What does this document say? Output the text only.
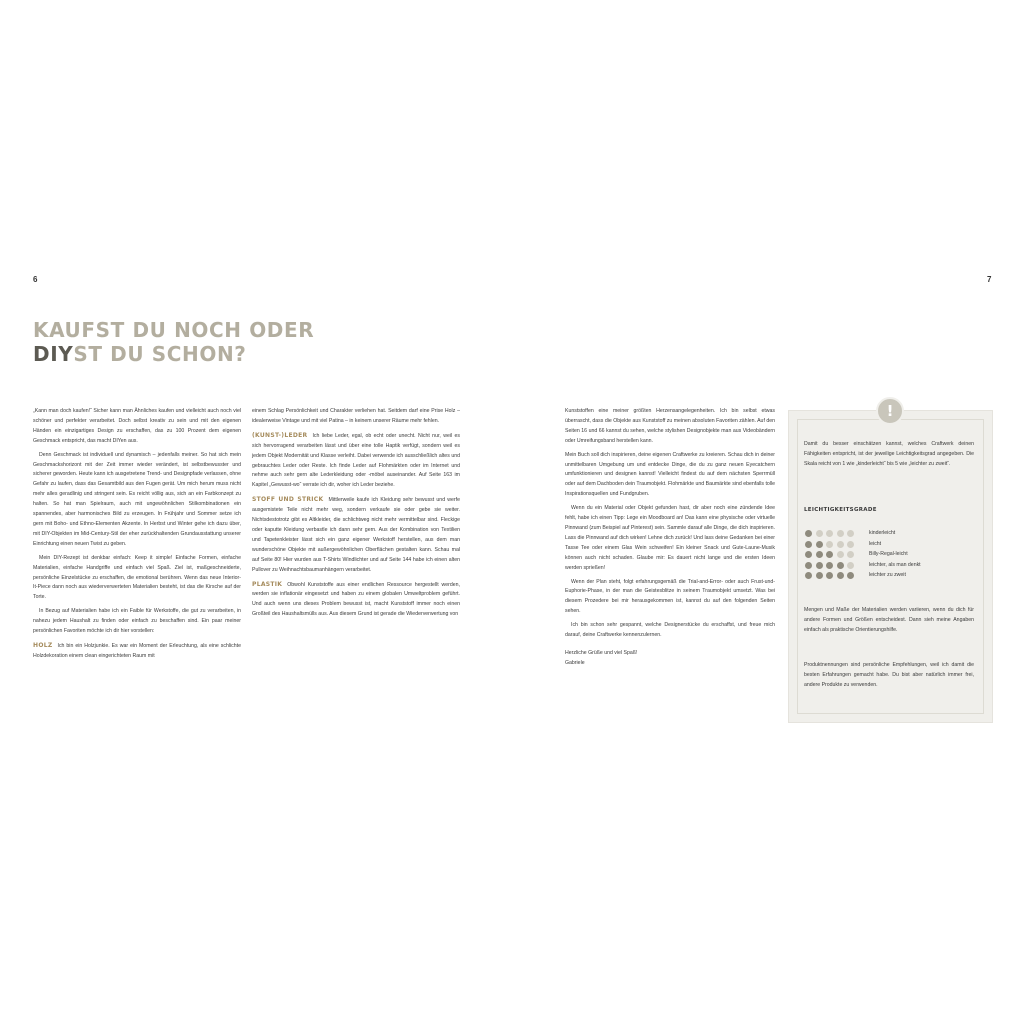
6	7
KAUFST DU NOCH ODER
DIYST DU SCHON?

„Kann man doch kaufen!“ Sicher kann man Ähnliches kaufen und vielleicht auch noch viel schöner und perfekter verarbeitet. Doch selbst kreativ zu sein und mit den eigenen Händen ein einzigartiges Design zu erschaffen, das zu 100 Prozent dem eigenen Geschmack entspricht, das macht DIYen aus.

Denn Geschmack ist individuell und dynamisch – jedenfalls meiner. So hat sich mein Geschmackshorizont mit der Zeit immer wieder verändert, ist selbstbewusster und sicherer geworden. Heute kann ich ausgetretene Trend- und Designpfade verlassen, ohne Gefahr zu laufen, dass das Gesamtbild aus den Fugen gerät. Um mich herum muss nicht mehr alles geradlinig und stringent sein. Es reicht völlig aus, sich an ein Farbkonzept zu halten. So hat man Spielraum, auch mit ungewöhnlichen Stilkombinationen ein spannendes, aber harmonisches Bild zu erzeugen. In Frühjahr und Sommer setze ich gern mit Boho- und Ethno-Elementen Akzente. In Herbst und Winter gehe ich dazu über, mit DIY-Objekten im Mid-Century-Stil der eher zurückhaltenden Grundausstattung unserer Einrichtung einen neuen Twist zu geben.

Mein DIY-Rezept ist denkbar einfach: Keep it simple! Einfache Formen, einfache Materialien, einfache Handgriffe und einfach viel Spaß. Ziel ist, maßgeschneiderte, persönliche Einzelstücke zu erschaffen, die emotional berühren. Wenn das neue Interior-It-Piece dann noch aus wiederverwerteten Materialien besteht, ist das die Kirsche auf der Torte.

In Bezug auf Materialien habe ich ein Faible für Werkstoffe, die gut zu verarbeiten, in nahezu jedem Haushalt zu finden oder einfach zu beschaffen sind. Ein paar meiner persönlichen Favoriten möchte ich dir hier vorstellen:

HOLZ Ich bin ein Holzjunkie. Es war ein Moment der Erleuchtung, als eine schlichte Holzdekoration einem clean eingerichteten Raum mit

einem Schlag Persönlichkeit und Charakter verliehen hat. Seitdem darf eine Prise Holz – idealerweise Vintage und mit viel Patina – in keinem unserer Räume mehr fehlen.

(KUNST-)LEDER Ich liebe Leder, egal, ob echt oder unecht. Nicht nur, weil es sich hervorragend verarbeiten lässt und über eine tolle Haptik verfügt, sondern weil es jedem Objekt Modernität und Klasse verleiht. Dabei verwende ich ausschließlich altes und gebrauchtes Leder oder Reste. Ich finde Leder auf Flohmärkten oder im Internet und nehme auch sehr gern alte Lederkleidung oder -möbel auseinander. Auf Seite 163 im Kapitel „Gewusst-wo“ verrate ich dir, woher ich Leder beziehe.

STOFF UND STRICK Mittlerweile kaufe ich Kleidung sehr bewusst und werfe ausgemistete Teile nicht mehr weg, sondern verkaufe sie oder gebe sie weiter. Nichtsdestotrotz gibt es Altkleider, die schlichtweg nicht mehr vermittelbar sind. Fleckige oder kaputte Kleidung verbastle ich dann sehr gern. Aus der Kombination von Textilien und Tapetenkleister lässt sich ein ganz eigener Werkstoff herstellen, aus dem man wunderschöne Objekte mit außergewöhnlichen Oberflächen gestalten kann. Schau mal auf Seite 80! Hier wurden aus T-Shirts Windlichter und auf Seite 144 habe ich einen alten Pullover zu Weihnachtsbaumanhängern verarbeitet.

PLASTIK Obwohl Kunststoffe aus einer endlichen Ressource hergestellt werden, werden sie inflationär eingesetzt und haben zu einem globalen Umweltproblem geführt. Und auch wenn uns dieses Problem bewusst ist, macht Kunststoff immer noch einen Großteil des Haushaltsmülls aus. Aus diesem Grund ist gerade die Wiederverwertung von

Kunststoffen eine meiner größten Herzensangelegenheiten. Ich bin selbst etwas überrascht, dass die Objekte aus Kunststoff zu meinen absoluten Favoriten zählen. Auf den Seiten 16 und 66 kannst du sehen, welche stylishen Designobjekte man aus Videobändern oder Umreifungsband herstellen kann.

Mein Buch soll dich inspirieren, deine eigenen Craftwerke zu kreieren. Schau dich in deiner unmittelbaren Umgebung um und entdecke Dinge, die du zu ganz neuen Eyecatchern umfunktionieren und designen kannst! Vielleicht findest du auf dem nächsten Sperrmüll oder auf dem Dachboden dein Traumobjekt. Flohmärkte und Baumärkte sind ebenfalls tolle Inspirationsquellen und Fundgruben.

Wenn du ein Material oder Objekt gefunden hast, dir aber noch eine zündende Idee fehlt, habe ich einen Tipp: Lege ein Moodboard an! Das kann eine physische oder virtuelle Pinnwand (zum Beispiel auf Pinterest) sein. Sammle darauf alle Dinge, die dich inspirieren. Lass die Pinnwand auf dich wirken! Lehne dich zurück! Und lass deine Gedanken bei einer Tasse Tee oder einem Glas Wein schweifen! Ein kleiner Snack und Gute-Laune-Musik können auch nicht schaden. Glaube mir: Es dauert nicht lange und die ersten Ideen werden sprießen!

Wenn der Plan steht, folgt erfahrungsgemäß die Trial-and-Error- oder auch Frust-und-Euphorie-Phase, in der man die Geistesblitze in seinem Traumobjekt umsetzt. Was bei diesem Prozedere bei mir herausgekommen ist, kannst du auf den folgenden Seiten sehen.

Ich bin schon sehr gespannt, welche Designerstücke du erschaffst, und freue mich darauf, deine Craftwerke kennenzulernen.

Herzliche Grüße und viel Spaß!

Gabriele

!
Damit du besser einschätzen kannst, welches Craftwerk deinen Fähigkeiten entspricht, ist der jeweilige Leichtigkeitsgrad angegeben. Die Skala reicht von 1 wie „kinderleicht“ bis 5 wie „leichter zu zweit“.
LEICHTIGKEITSGRADE
kinderleicht
leicht
Billy-Regal-leicht
leichter, als man denkt
leichter zu zweit
Mengen und Maße der Materialien werden variieren, wenn du dich für andere Formen und Größen entscheidest. Dann sieh meine Angaben einfach als praktische Orientierungshilfe.
Produktnennungen sind persönliche Empfehlungen, weil ich damit die besten Erfahrungen gemacht habe. Du bist aber natürlich immer frei, andere Produkte zu verwenden.
